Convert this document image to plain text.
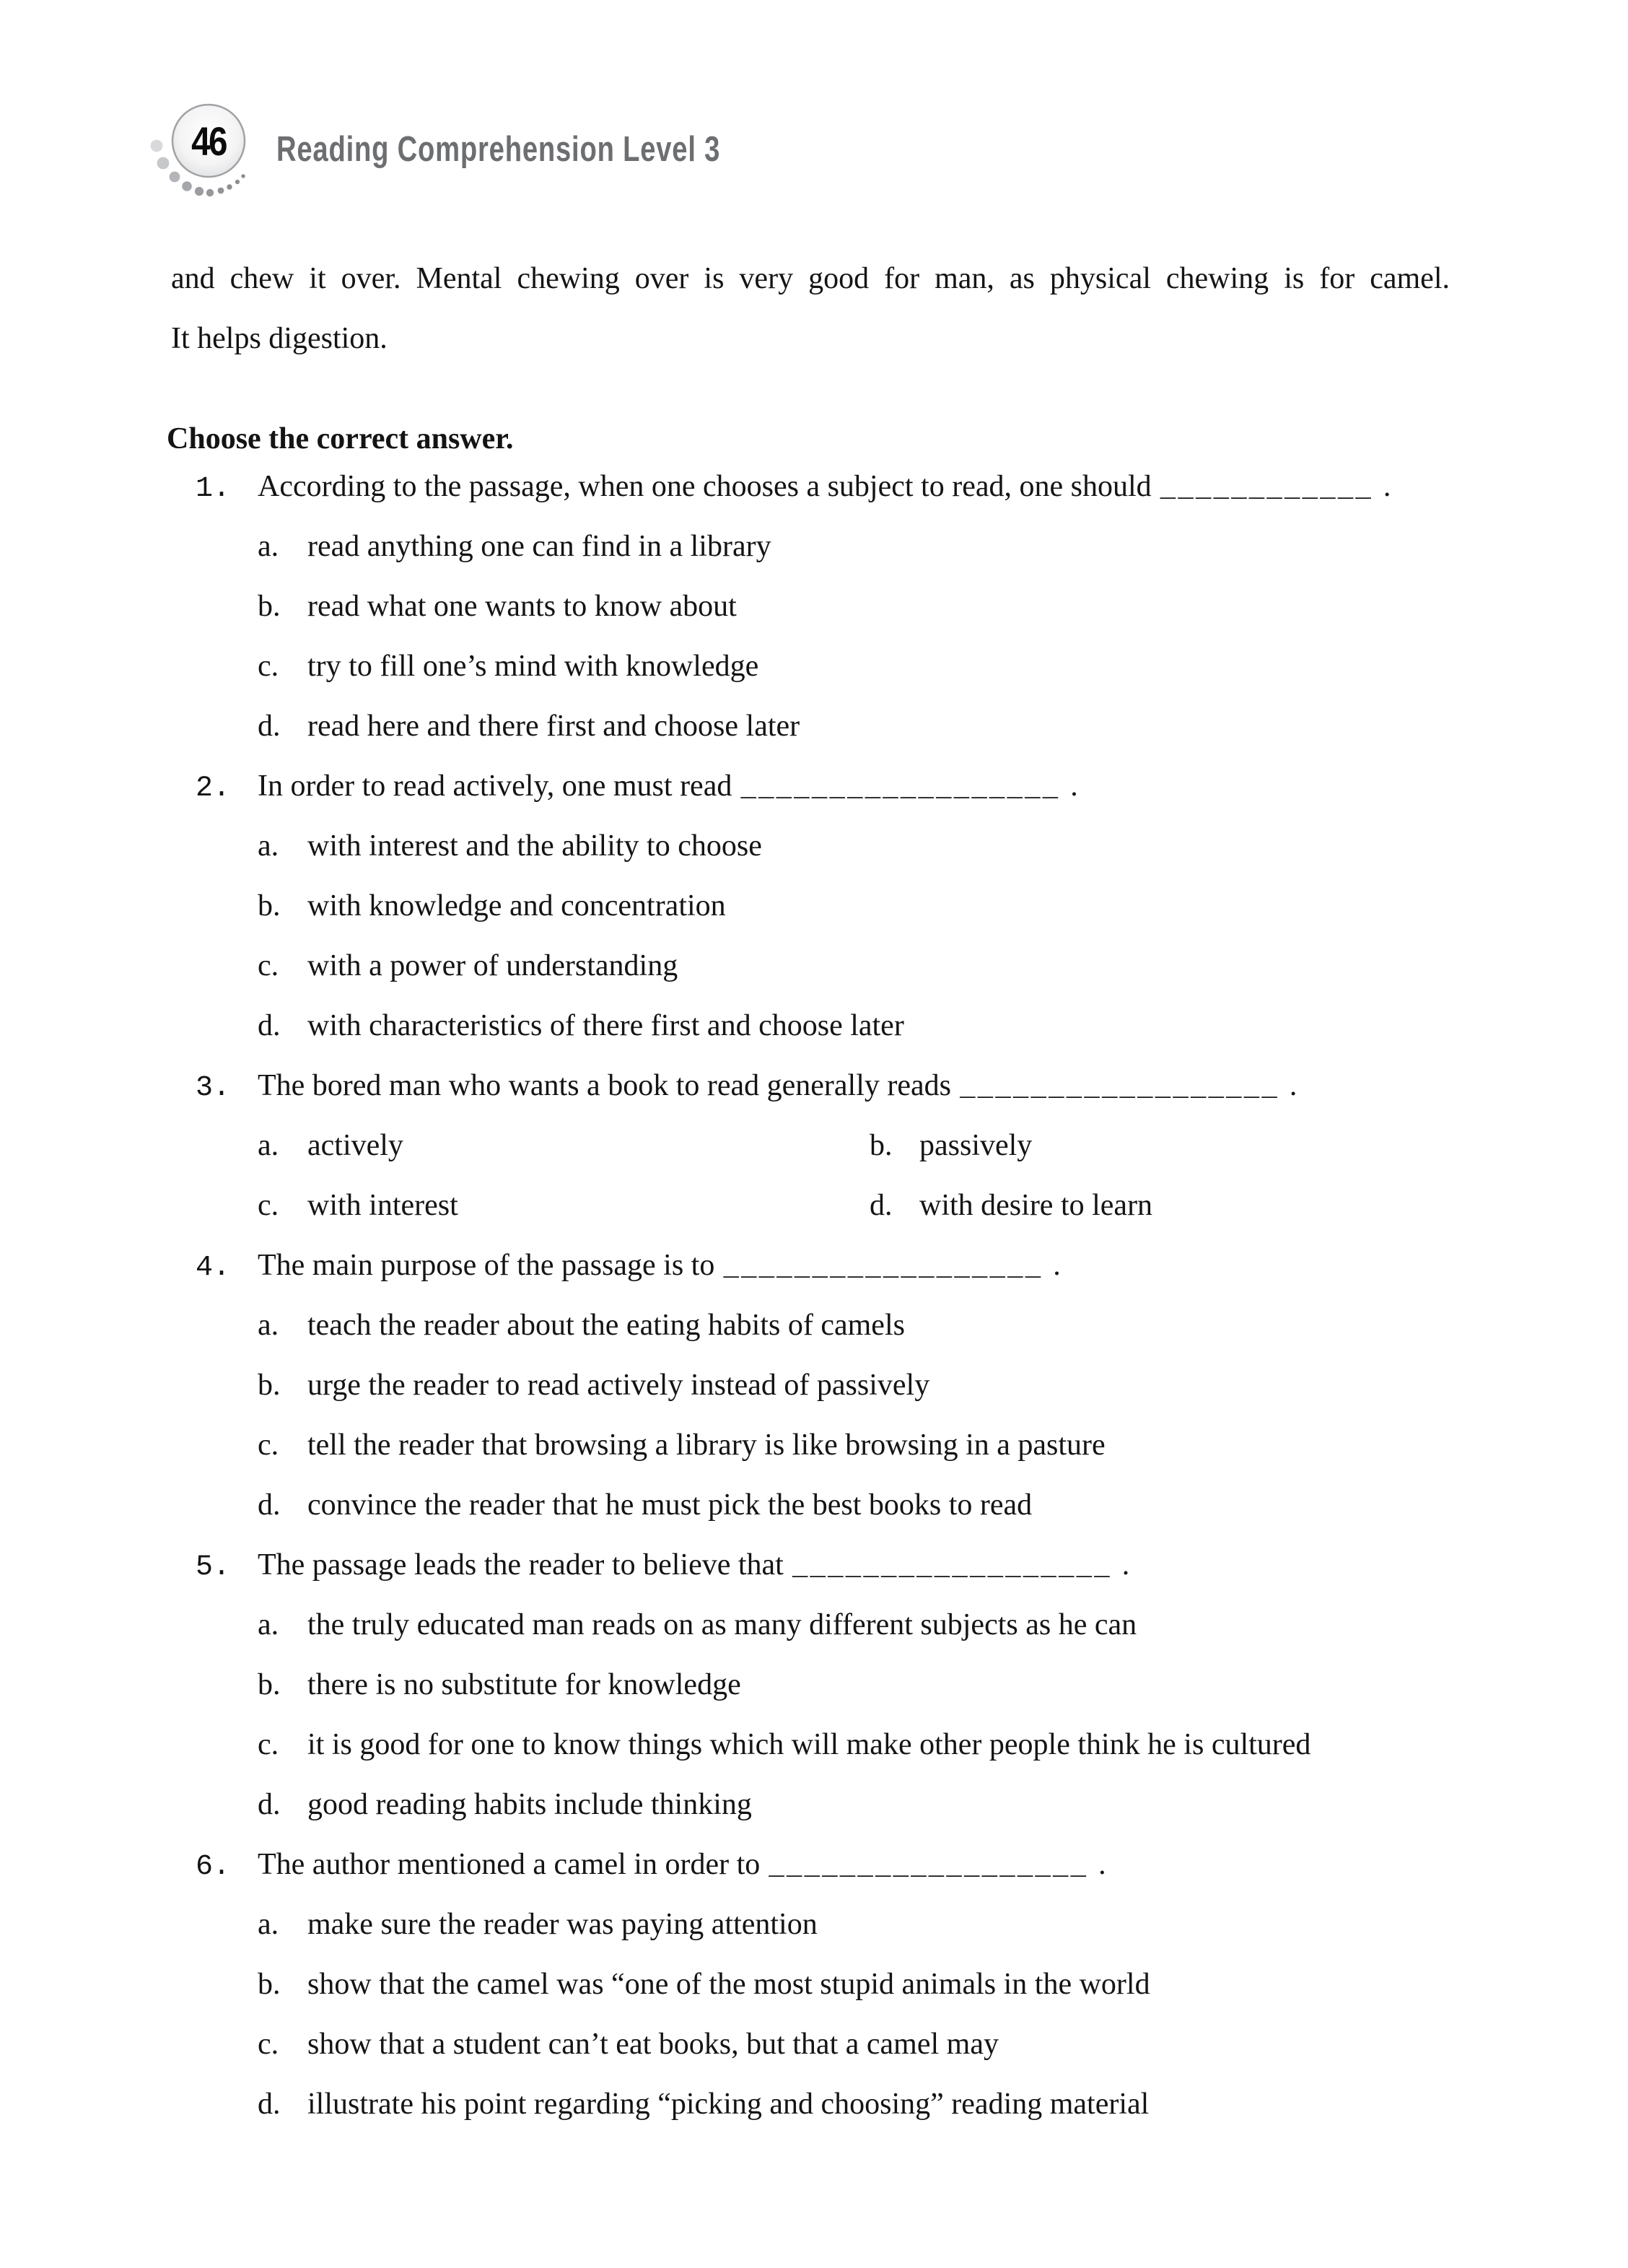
46	Reading Comprehension Level 3
and chew it over. Mental chewing over is very good for man, as physical chewing is for camel.
It helps digestion.
Choose the correct answer.
1. According to the passage, when one chooses a subject to read, one should ____________ .
a. read anything one can find in a library
b. read what one wants to know about
c. try to fill one’s mind with knowledge
d. read here and there first and choose later
2. In order to read actively, one must read __________________ .
a. with interest and the ability to choose
b. with knowledge and concentration
c. with a power of understanding
d. with characteristics of there first and choose later
3. The bored man who wants a book to read generally reads __________________ .
a. actively	b. passively
c. with interest	d. with desire to learn
4. The main purpose of the passage is to __________________ .
a. teach the reader about the eating habits of camels
b. urge the reader to read actively instead of passively
c. tell the reader that browsing a library is like browsing in a pasture
d. convince the reader that he must pick the best books to read
5. The passage leads the reader to believe that __________________ .
a. the truly educated man reads on as many different subjects as he can
b. there is no substitute for knowledge
c. it is good for one to know things which will make other people think he is cultured
d. good reading habits include thinking
6. The author mentioned a camel in order to __________________ .
a. make sure the reader was paying attention
b. show that the camel was “one of the most stupid animals in the world
c. show that a student can’t eat books, but that a camel may
d. illustrate his point regarding “picking and choosing” reading material
